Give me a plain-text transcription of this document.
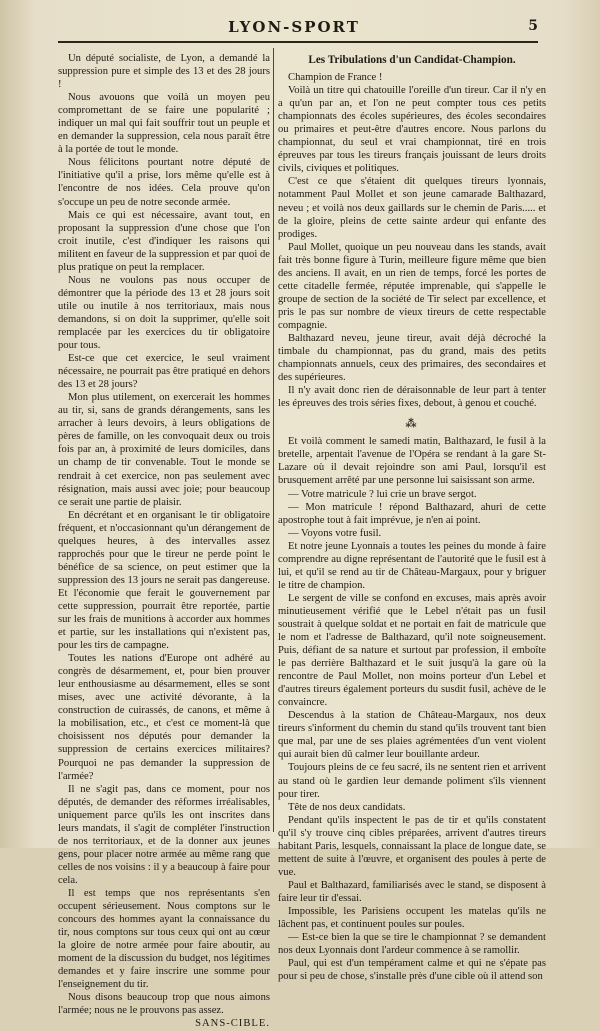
LYON-SPORT	5

Un député socialiste, de Lyon, a demandé la suppression pure et simple des 13 et des 28 jours !

Nous avouons que voilà un moyen peu compromettant de se faire une popularité ; indiquer un mal qui fait souffrir tout un peuple et en demander la suppression, cela nous paraît être à la portée de tout le monde.

Nous félicitons pourtant notre député de l'initiative qu'il a prise, lors même qu'elle est à l'encontre de nos idées. Cela prouve qu'on s'occupe un peu de notre seconde armée.

Mais ce qui est nécessaire, avant tout, en proposant la suppression d'une chose que l'on croit inutile, c'est d'indiquer les raisons qui militent en faveur de la suppression et par quoi de plus pratique on peut la remplacer.

Nous ne voulons pas nous occuper de démontrer que la période des 13 et 28 jours soit utile ou inutile à nos territoriaux, mais nous demandons, si on doit la supprimer, qu'elle soit remplacée par les exercices du tir obligatoire pour tous.

Est-ce que cet exercice, le seul vraiment nécessaire, ne pourrait pas être pratiqué en dehors des 13 et 28 jours?

Mon plus utilement, on exercerait les hommes au tir, si, sans de grands dérangements, sans les arracher à leurs devoirs, à leurs obligations de pères de famille, on les convoquait deux ou trois fois par an, à proximité de leurs domiciles, dans un champ de tir convenable. Tout le monde se rendrait à cet exercice, non pas seulement avec résignation, mais aussi avec joie; pour beaucoup ce serait une partie de plaisir.

En décrétant et en organisant le tir obligatoire fréquent, et n'occasionnant qu'un dérangement de quelques heures, à des intervalles assez rapprochés pour que le tireur ne perde point le bénéfice de sa science, on peut estimer que la suppression des 13 jours ne serait pas dangereuse. Et l'économie que ferait le gouvernement par cette suppression, pourrait être reportée, partie sur les frais de munitions à accorder aux hommes et partie, sur les installations qui n'existent pas, pour les tirs de campagne.

Toutes les nations d'Europe ont adhéré au congrès de désarmement, et, pour bien prouver leur enthousiasme au désarmement, elles se sont mises, avec une activité dévorante, à la construction de cuirassés, de canons, et même à la mobilisation, etc., et c'est ce moment-là que choisissent nos députés pour demander la suppression de certains exercices militaires? Pourquoi ne pas demander la suppression de l'armée?

Il ne s'agit pas, dans ce moment, pour nos députés, de demander des réformes irréalisables, uniquement parce qu'ils les ont inscrites dans leurs mandats, il s'agit de compléter l'instruction de nos territoriaux, et de la donner aux jeunes gens, pour placer notre armée au même rang que celles de nos voisins : il y a beaucoup à faire pour cela.

Il est temps que nos représentants s'en occupent sérieusement. Nous comptons sur le concours des hommes ayant la connaissance du tir, nous comptons sur tous ceux qui ont au cœur la gloire de notre armée pour faire aboutir, au moment de la discussion du budget, nos légitimes demandes et y faire inscrire une somme pour l'enseignement du tir.

Nous disons beaucoup trop que nous aimons l'armée; nous ne le prouvons pas assez.

SANS-CIBLE.

Les Tribulations d'un Candidat-Champion.

Champion de France !

Voilà un titre qui chatouille l'oreille d'un tireur. Car il n'y en a qu'un par an, et l'on ne peut compter tous ces petits championnats des écoles supérieures, des écoles secondaires ou primaires et peut-être d'autres encore. Nous parlons du championnat, du seul et vrai championnat, tiré en trois épreuves par tous les tireurs français jouissant de leurs droits civils, civiques et politiques.

C'est ce que s'étaient dit quelques tireurs lyonnais, notamment Paul Mollet et son jeune camarade Balthazard, neveu ; et voilà nos deux gaillards sur le chemin de Paris..... et de la gloire, pleins de cette sainte ardeur qui enfante des prodiges.

Paul Mollet, quoique un peu nouveau dans les stands, avait fait très bonne figure à Turin, meilleure figure même que bien des anciens. Il avait, en un rien de temps, forcé les portes de cette citadelle fermée, réputée imprenable, qui s'appelle le groupe de section de la société de Tir select par excellence, et pris le pas sur nombre de vieux tireurs de cette respectable compagnie.

Balthazard neveu, jeune tireur, avait déjà décroché la timbale du championnat, pas du grand, mais des petits championnats annuels, ceux des primaires, des secondaires et des supérieures.

Il n'y avait donc rien de déraisonnable de leur part à tenter les épreuves des trois séries fixes, debout, à genou et couché.

⁂

Et voilà comment le samedi matin, Balthazard, le fusil à la bretelle, arpentait l'avenue de l'Opéra se rendant à la gare St-Lazare où il devait rejoindre son ami Paul, lorsqu'il est brusquement arrêté par une personne lui saisissant son arme.

— Votre matricule ? lui crie un brave sergot.

— Mon matricule ! répond Balthazard, ahuri de cette apostrophe tout à fait imprévue, je n'en ai point.

— Voyons votre fusil.

Et notre jeune Lyonnais a toutes les peines du monde à faire comprendre au digne représentant de l'autorité que le fusil est à lui, et qu'il se rend au tir de Château-Margaux, pour y briguer le titre de champion.

Le sergent de ville se confond en excuses, mais après avoir minutieusement vérifié que le Lebel n'était pas un fusil soustrait à quelque soldat et ne portait en fait de matricule que le nom et l'adresse de Balthazard, qu'il note soigneusement. Puis, défiant de sa nature et surtout par profession, il emboîte le pas derrière Balthazard et le suit jusqu'à la gare où la rencontre de Paul Mollet, non moins porteur d'un Lebel et d'autres tireurs également porteurs du susdit fusil, achève de le convaincre.

Descendus à la station de Château-Margaux, nos deux tireurs s'informent du chemin du stand qu'ils trouvent tant bien que mal, par une de ses plaies agrémentées d'un vent violent qui aurait bien dû calmer leur bouillante ardeur.

Toujours pleins de ce feu sacré, ils ne sentent rien et arrivent au stand où le gardien leur demande poliment s'ils viennent pour tirer.

Tête de nos deux candidats.

Pendant qu'ils inspectent le pas de tir et qu'ils constatent qu'il s'y trouve cinq cibles préparées, arrivent d'autres tireurs habitant Paris, lesquels, connaissant la place de longue date, se mettent de suite à l'œuvre, et organisent des poules à perte de vue.

Paul et Balthazard, familiarisés avec le stand, se disposent à faire leur tir d'essai.

Impossible, les Parisiens occupent les matelas qu'ils ne lâchent pas, et continuent poules sur poules.

— Est-ce bien la que se tire le championnat ? se demandent nos deux Lyonnais dont l'ardeur commence à se ramollir.

Paul, qui est d'un tempérament calme et qui ne s'épate pas pour si peu de chose, s'installe près d'une cible où il attend son
